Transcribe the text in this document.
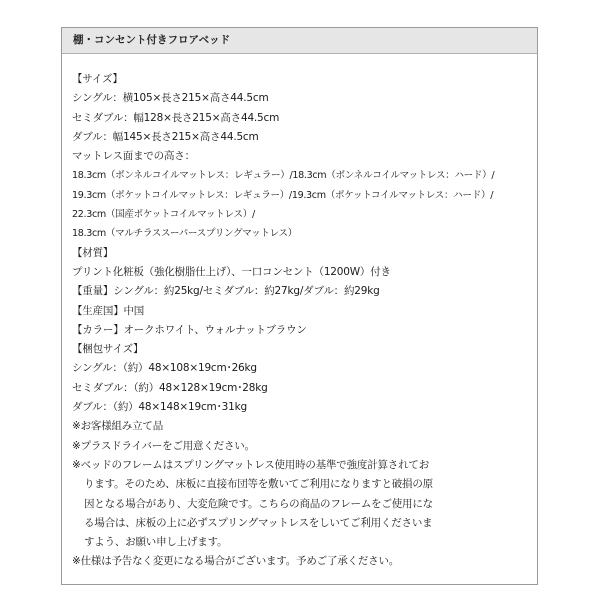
棚・コンセント付きフロアベッド
【サイズ】
シングル：横105×長さ215×高さ44.5cm
セミダブル：幅128×長さ215×高さ44.5cm
ダブル：幅145×長さ215×高さ44.5cm
マットレス面までの高さ：
18.3cm（ボンネルコイルマットレス：レギュラー）/18.3cm（ボンネルコイルマットレス：ハード）/
19.3cm（ポケットコイルマットレス：レギュラー）/19.3cm（ポケットコイルマットレス：ハード）/
22.3cm（国産ポケットコイルマットレス）/
18.3cm（マルチラススーパースプリングマットレス）
【材質】
プリント化粧板（強化樹脂仕上げ）、一口コンセント（1200W）付き
【重量】シングル：約25kg/セミダブル：約27kg/ダブル：約29kg
【生産国】中国
【カラー】オークホワイト、ウォルナットブラウン
【梱包サイズ】
シングル：（約）48×108×19cm･26kg
セミダブル：（約）48×128×19cm･28kg
ダブル：（約）48×148×19cm･31kg
※お客様組み立て品
※プラスドライバーをご用意ください。
※ベッドのフレームはスプリングマットレス使用時の基準で強度計算されてお
ります。そのため、床板に直接布団等を敷いてご利用になりますと破損の原
因となる場合があり、大変危険です。こちらの商品のフレームをご使用にな
る場合は、床板の上に必ずスプリングマットレスをしいてご利用くださいま
すよう、お願い申し上げます。
※仕様は予告なく変更になる場合がございます。予めご了承ください。
